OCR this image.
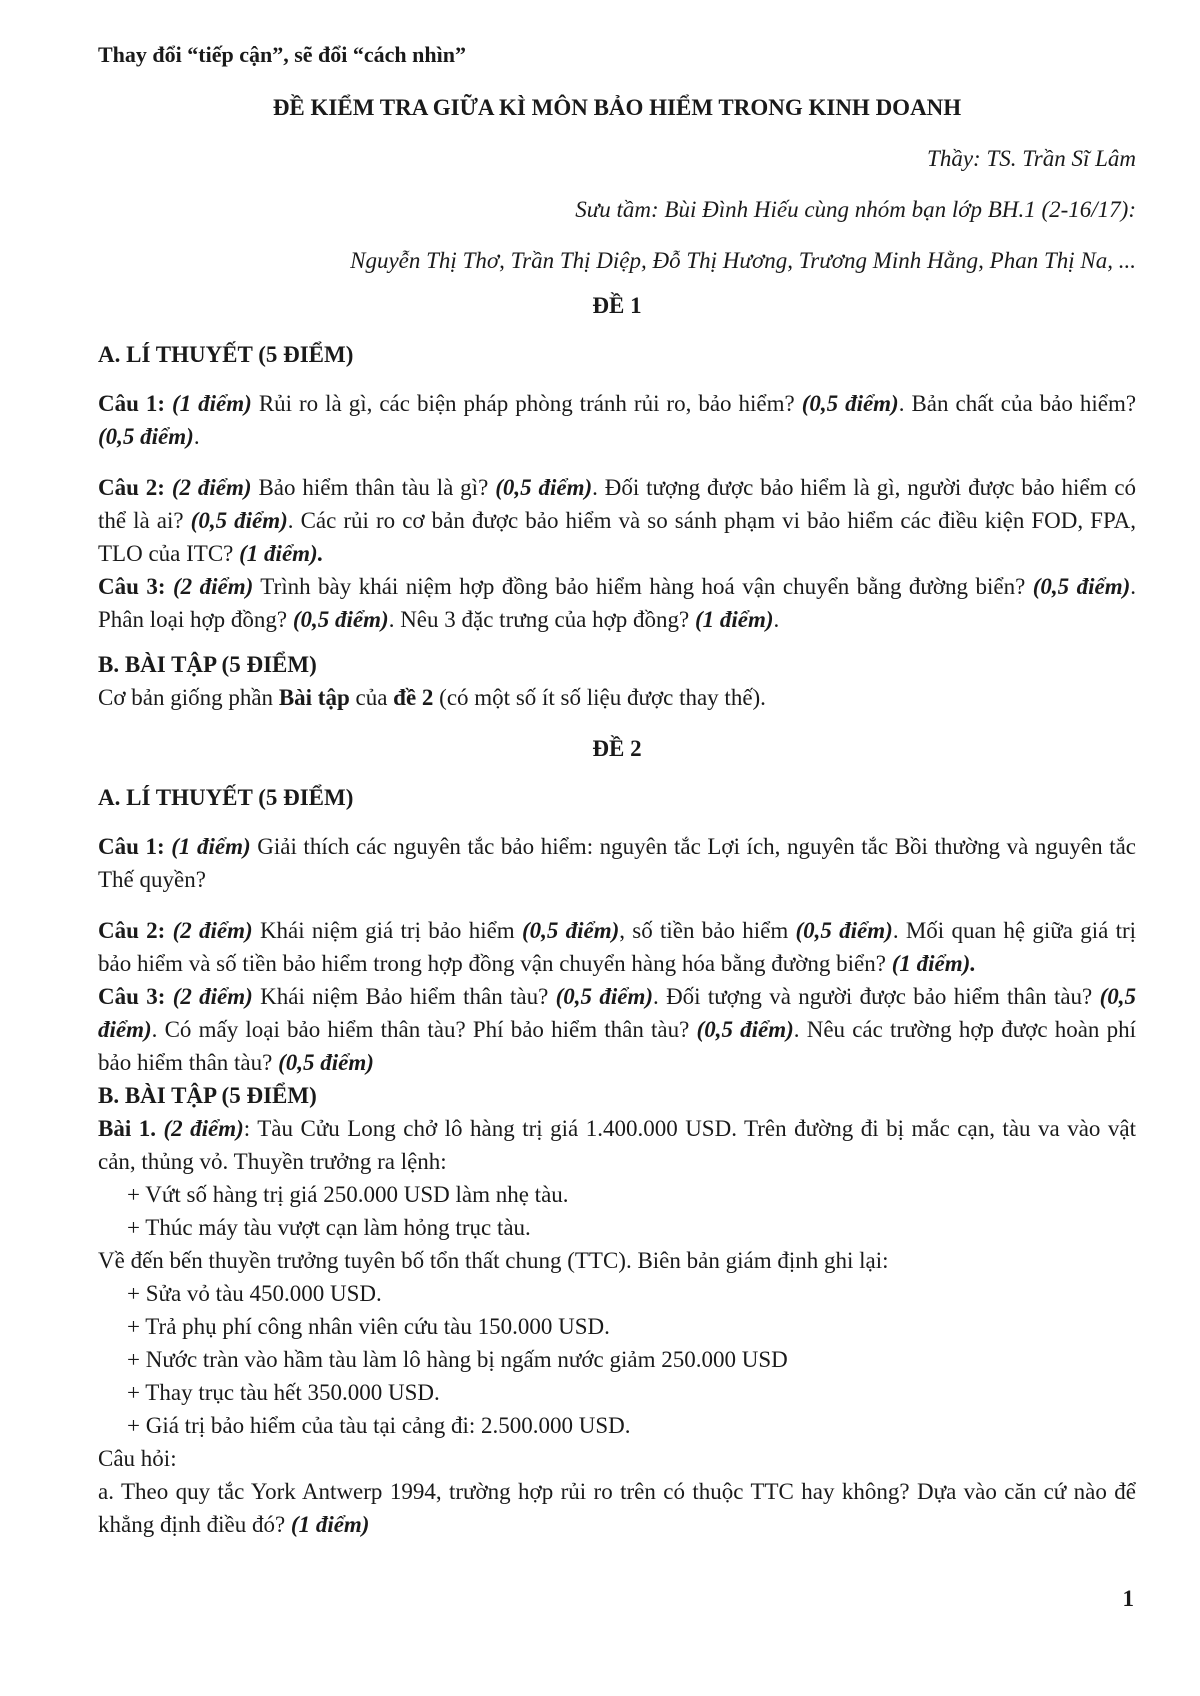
Thay đổi “tiếp cận”, sẽ đổi “cách nhìn”

ĐỀ KIỂM TRA GIỮA KÌ MÔN BẢO HIỂM TRONG KINH DOANH

Thầy: TS. Trần Sĩ Lâm

Sưu tầm: Bùi Đình Hiếu cùng nhóm bạn lớp BH.1 (2-16/17):

Nguyễn Thị Thơ, Trần Thị Diệp, Đỗ Thị Hương, Trương Minh Hằng, Phan Thị Na, ...

ĐỀ 1

A. LÍ THUYẾT (5 ĐIỂM)

Câu 1: (1 điểm) Rủi ro là gì, các biện pháp phòng tránh rủi ro, bảo hiểm? (0,5 điểm). Bản chất của bảo hiểm? (0,5 điểm).

Câu 2: (2 điểm) Bảo hiểm thân tàu là gì? (0,5 điểm). Đối tượng được bảo hiểm là gì, người được bảo hiểm có thể là ai? (0,5 điểm). Các rủi ro cơ bản được bảo hiểm và so sánh phạm vi bảo hiểm các điều kiện FOD, FPA, TLO của ITC? (1 điểm).

Câu 3: (2 điểm) Trình bày khái niệm hợp đồng bảo hiểm hàng hoá vận chuyển bằng đường biển? (0,5 điểm). Phân loại hợp đồng? (0,5 điểm). Nêu 3 đặc trưng của hợp đồng? (1 điểm).

B. BÀI TẬP (5 ĐIỂM)

Cơ bản giống phần Bài tập của đề 2 (có một số ít số liệu được thay thế).

ĐỀ 2

A. LÍ THUYẾT (5 ĐIỂM)

Câu 1: (1 điểm) Giải thích các nguyên tắc bảo hiểm: nguyên tắc Lợi ích, nguyên tắc Bồi thường và nguyên tắc Thế quyền?

Câu 2: (2 điểm) Khái niệm giá trị bảo hiểm (0,5 điểm), số tiền bảo hiểm (0,5 điểm). Mối quan hệ giữa giá trị bảo hiểm và số tiền bảo hiểm trong hợp đồng vận chuyển hàng hóa bằng đường biển? (1 điểm).

Câu 3: (2 điểm) Khái niệm Bảo hiểm thân tàu? (0,5 điểm). Đối tượng và người được bảo hiểm thân tàu? (0,5 điểm). Có mấy loại bảo hiểm thân tàu? Phí bảo hiểm thân tàu? (0,5 điểm). Nêu các trường hợp được hoàn phí bảo hiểm thân tàu? (0,5 điểm)

B. BÀI TẬP (5 ĐIỂM)

Bài 1. (2 điểm): Tàu Cửu Long chở lô hàng trị giá 1.400.000 USD. Trên đường đi bị mắc cạn, tàu va vào vật cản, thủng vỏ. Thuyền trưởng ra lệnh:

+ Vứt số hàng trị giá 250.000 USD làm nhẹ tàu.

+ Thúc máy tàu vượt cạn làm hỏng trục tàu.

Về đến bến thuyền trưởng tuyên bố tổn thất chung (TTC). Biên bản giám định ghi lại:

+ Sửa vỏ tàu 450.000 USD.

+ Trả phụ phí công nhân viên cứu tàu 150.000 USD.

+ Nước tràn vào hầm tàu làm lô hàng bị ngấm nước giảm 250.000 USD

+ Thay trục tàu hết 350.000 USD.

+ Giá trị bảo hiểm của tàu tại cảng đi: 2.500.000 USD.

Câu hỏi:

a. Theo quy tắc York Antwerp 1994, trường hợp rủi ro trên có thuộc TTC hay không? Dựa vào căn cứ nào để khẳng định điều đó? (1 điểm)

1
